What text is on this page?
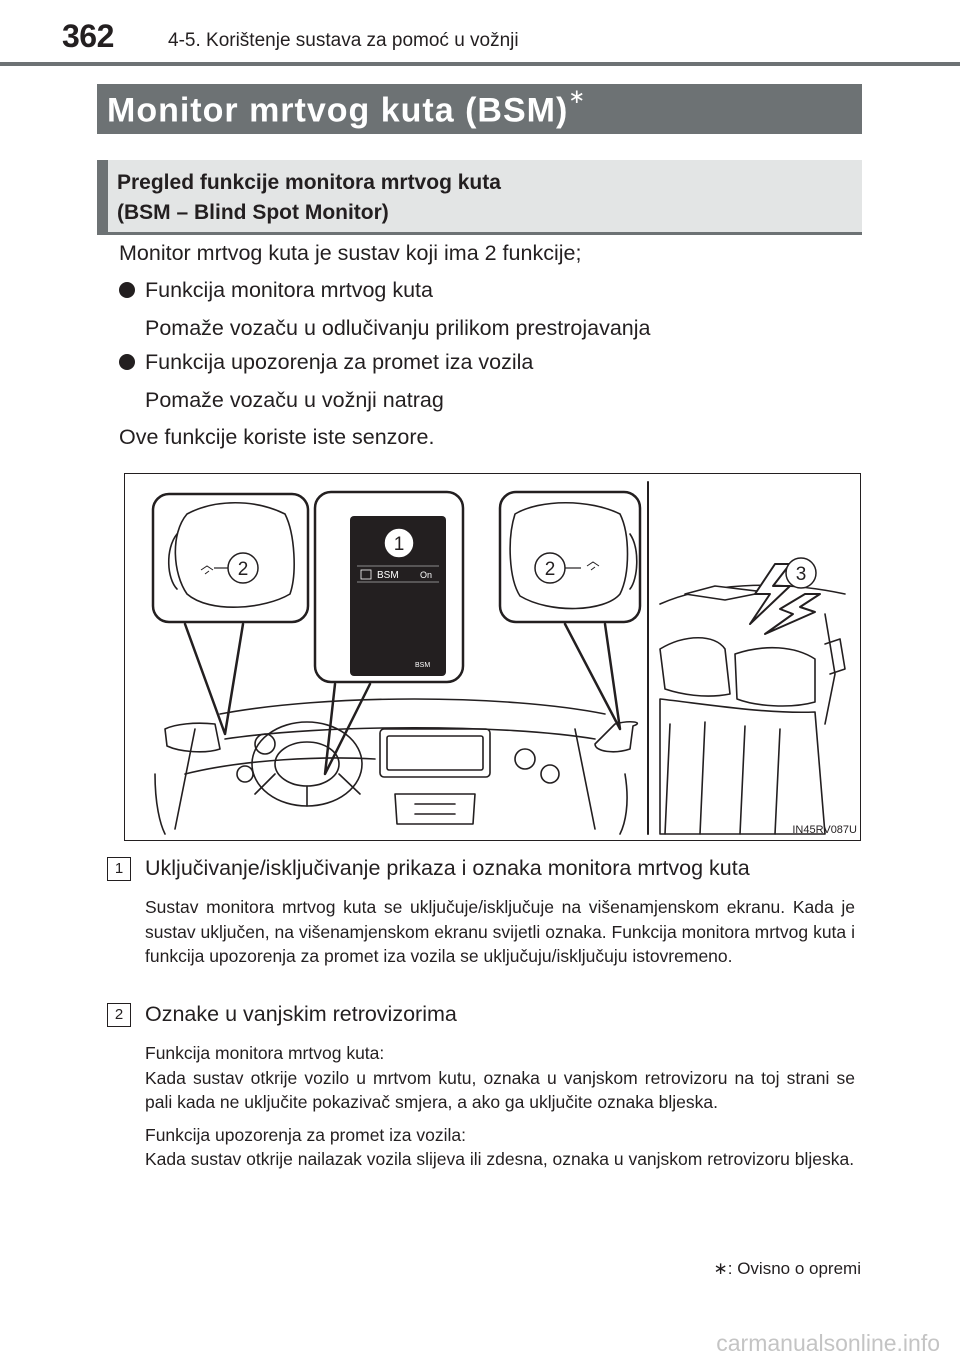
362	4-5. Korištenje sustava za pomoć u vožnji
Monitor mrtvog kuta (BSM)∗
Pregled funkcije monitora mrtvog kuta
(BSM – Blind Spot Monitor)
Monitor mrtvog kuta je sustav koji ima 2 funkcije;
Funkcija monitora mrtvog kuta
Pomaže vozaču u odlučivanju prilikom prestrojavanja
Funkcija upozorenja za promet iza vozila
Pomaže vozaču u vožnji natrag
Ove funkcije koriste iste senzore.
BSM On
BSM
1
2	2	3
IN45RV087U
1	Uključivanje/isključivanje prikaza i oznaka monitora mrtvog kuta
Sustav monitora mrtvog kuta se uključuje/isključuje na višenamjenskom ekranu. Kada je sustav uključen, na višenamjenskom ekranu svijetli oznaka. Funkcija monitora mrtvog kuta i funkcija upozorenja za promet iza vozila se uključuju/isključuju istovremeno.
2	Oznake u vanjskim retrovizorima
Funkcija monitora mrtvog kuta:
Kada sustav otkrije vozilo u mrtvom kutu, oznaka u vanjskom retrovizoru na toj strani se pali kada ne uključite pokazivač smjera, a ako ga uključite oznaka bljeska.
Funkcija upozorenja za promet iza vozila:
Kada sustav otkrije nailazak vozila slijeva ili zdesna, oznaka u vanjskom retrovizoru bljeska.
∗: Ovisno o opremi
carmanualsonline.info
